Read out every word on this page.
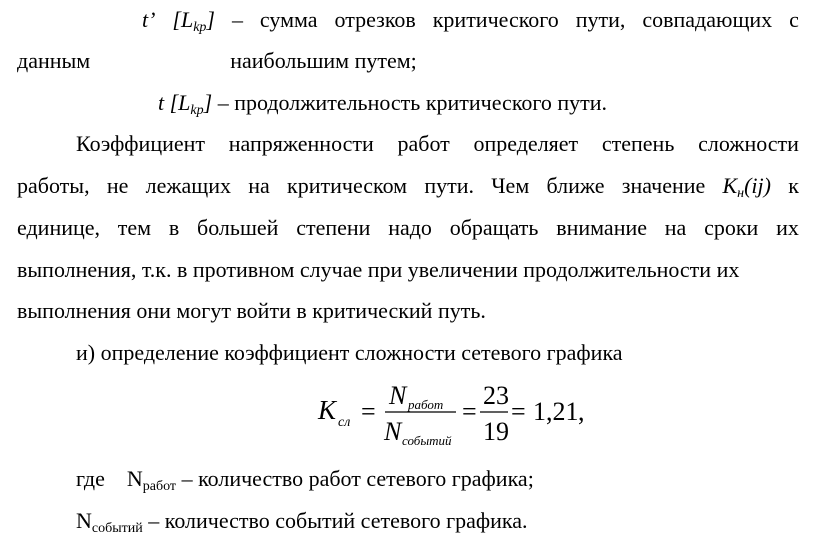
t’ $[L_{kp}]$ – сумма отрезков критического пути, совпадающих с
данным	наибольшим путем;
t $[L_{kp}]$ – продолжительность критического пути.
Коэффициент напряженности работ определяет степень сложности
работы, не лежащих на критическом пути. Чем ближе значение $К_н(ij)$ к
единице, тем в большей степени надо обращать внимание на сроки их
выполнения, т.к. в противном случае при увеличении продолжительности их
выполнения они могут войти в критический путь.
и) определение коэффициент сложности сетевого графика
К сл =
N работ
N событий
=
23
19
= 1,21 ,
где $N_{работ}$ – количество работ сетевого графика;
$N_{событий}$ – количество событий сетевого графика.
